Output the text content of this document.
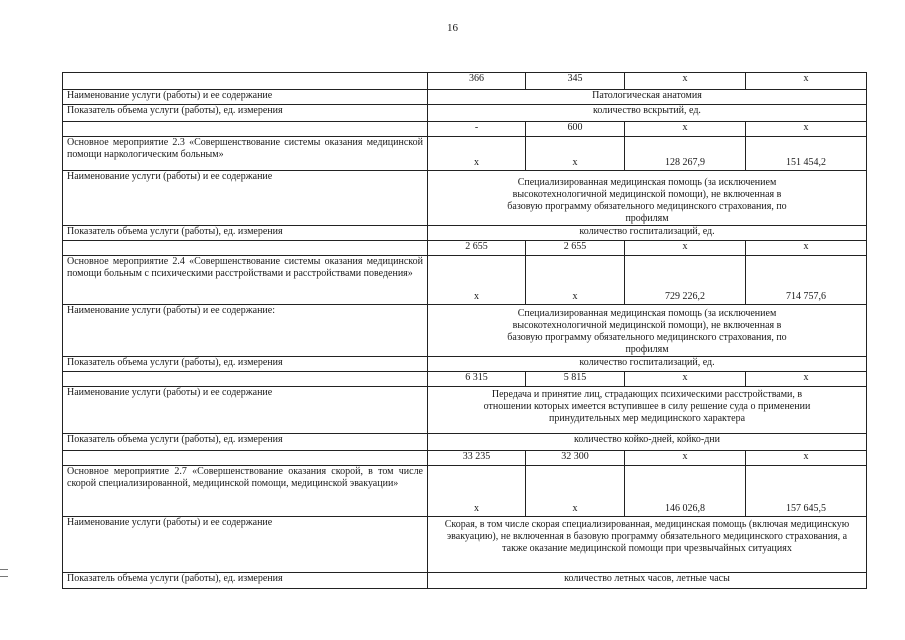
16
	366	345	х	х
Наименование услуги (работы) и ее содержание	Патологическая анатомия			
Показатель объема услуги (работы), ед. измерения	количество вскрытий, ед.			
	-	600	х	х
Основное мероприятие 2.3 «Совершенствование системы оказания медицинской помощи наркологическим больным»	х	х	128 267,9	151 454,2
Наименование услуги (работы) и ее содержание	Специализированная медицинская помощь (за исключением высокотехнологичной медицинской помощи), не включенная в базовую программу обязательного медицинского страхования, по профилям			
Показатель объема услуги (работы), ед. измерения	количество госпитализаций, ед.			
	2 655	2 655	х	х
Основное мероприятие 2.4 «Совершенствование системы оказания медицинской помощи больным с психическими расстройствами и расстройствами поведения»	х	х	729 226,2	714 757,6
Наименование услуги (работы) и ее содержание:	Специализированная медицинская помощь (за исключением высокотехнологичной медицинской помощи), не включенная в базовую программу обязательного медицинского страхования, по профилям			
Показатель объема услуги (работы), ед. измерения	количество госпитализаций, ед.			
	6 315	5 815	х	х
Наименование услуги (работы) и ее содержание	Передача и принятие лиц, страдающих психическими расстройствами, в отношении которых имеется вступившее в силу решение суда о применении принудительных мер медицинского характера			
Показатель объема услуги (работы), ед. измерения	количество койко-дней, койко-дни			
	33 235	32 300	х	х
Основное мероприятие 2.7 «Совершенствование оказания скорой, в том числе скорой специализированной, медицинской помощи, медицинской эвакуации»	х	х	146 026,8	157 645,5
Наименование услуги (работы) и ее содержание	Скорая, в том числе скорая специализированная, медицинская помощь (включая медицинскую эвакуацию), не включенная в базовую программу обязательного медицинского страхования, а также оказание медицинской помощи при чрезвычайных ситуациях			
Показатель объема услуги (работы), ед. измерения	количество летных часов, летные часы			
